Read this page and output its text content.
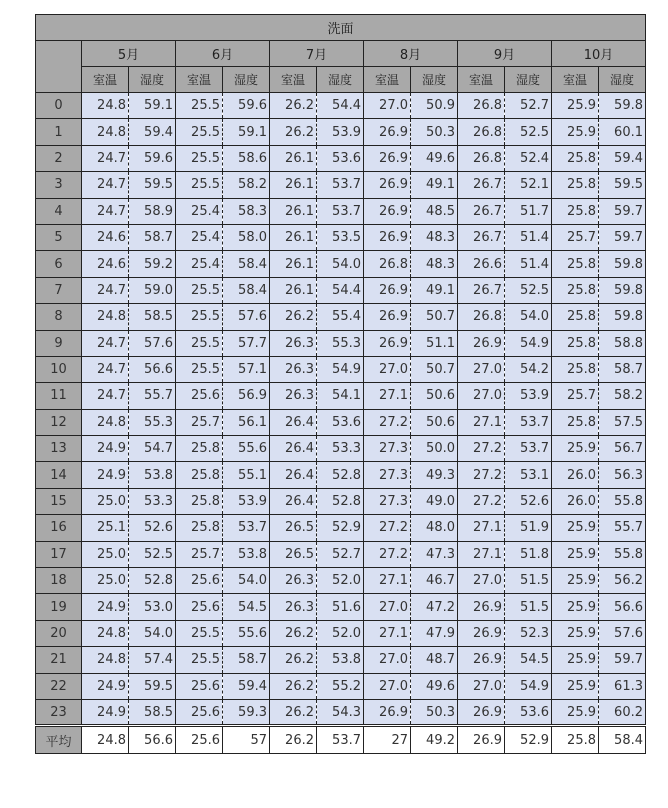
洗面												
	5月		6月		7月		8月		9月		10月	
	室温	湿度	室温	湿度	室温	湿度	室温	湿度	室温	湿度	室温	湿度
0	24.8	59.1	25.5	59.6	26.2	54.4	27.0	50.9	26.8	52.7	25.9	59.8
1	24.8	59.4	25.5	59.1	26.2	53.9	26.9	50.3	26.8	52.5	25.9	60.1
2	24.7	59.6	25.5	58.6	26.1	53.6	26.9	49.6	26.8	52.4	25.8	59.4
3	24.7	59.5	25.5	58.2	26.1	53.7	26.9	49.1	26.7	52.1	25.8	59.5
4	24.7	58.9	25.4	58.3	26.1	53.7	26.9	48.5	26.7	51.7	25.8	59.7
5	24.6	58.7	25.4	58.0	26.1	53.5	26.9	48.3	26.7	51.4	25.7	59.7
6	24.6	59.2	25.4	58.4	26.1	54.0	26.8	48.3	26.6	51.4	25.8	59.8
7	24.7	59.0	25.5	58.4	26.1	54.4	26.9	49.1	26.7	52.5	25.8	59.8
8	24.8	58.5	25.5	57.6	26.2	55.4	26.9	50.7	26.8	54.0	25.8	59.8
9	24.7	57.6	25.5	57.7	26.3	55.3	26.9	51.1	26.9	54.9	25.8	58.8
10	24.7	56.6	25.5	57.1	26.3	54.9	27.0	50.7	27.0	54.2	25.8	58.7
11	24.7	55.7	25.6	56.9	26.3	54.1	27.1	50.6	27.0	53.9	25.7	58.2
12	24.8	55.3	25.7	56.1	26.4	53.6	27.2	50.6	27.1	53.7	25.8	57.5
13	24.9	54.7	25.8	55.6	26.4	53.3	27.3	50.0	27.2	53.7	25.9	56.7
14	24.9	53.8	25.8	55.1	26.4	52.8	27.3	49.3	27.2	53.1	26.0	56.3
15	25.0	53.3	25.8	53.9	26.4	52.8	27.3	49.0	27.2	52.6	26.0	55.8
16	25.1	52.6	25.8	53.7	26.5	52.9	27.2	48.0	27.1	51.9	25.9	55.7
17	25.0	52.5	25.7	53.8	26.5	52.7	27.2	47.3	27.1	51.8	25.9	55.8
18	25.0	52.8	25.6	54.0	26.3	52.0	27.1	46.7	27.0	51.5	25.9	56.2
19	24.9	53.0	25.6	54.5	26.3	51.6	27.0	47.2	26.9	51.5	25.9	56.6
20	24.8	54.0	25.5	55.6	26.2	52.0	27.1	47.9	26.9	52.3	25.9	57.6
21	24.8	57.4	25.5	58.7	26.2	53.8	27.0	48.7	26.9	54.5	25.9	59.7
22	24.9	59.5	25.6	59.4	26.2	55.2	27.0	49.6	27.0	54.9	25.9	61.3
23	24.9	58.5	25.6	59.3	26.2	54.3	26.9	50.3	26.9	53.6	25.9	60.2
平均	24.8	56.6	25.6	57	26.2	53.7	27	49.2	26.9	52.9	25.8	58.4
